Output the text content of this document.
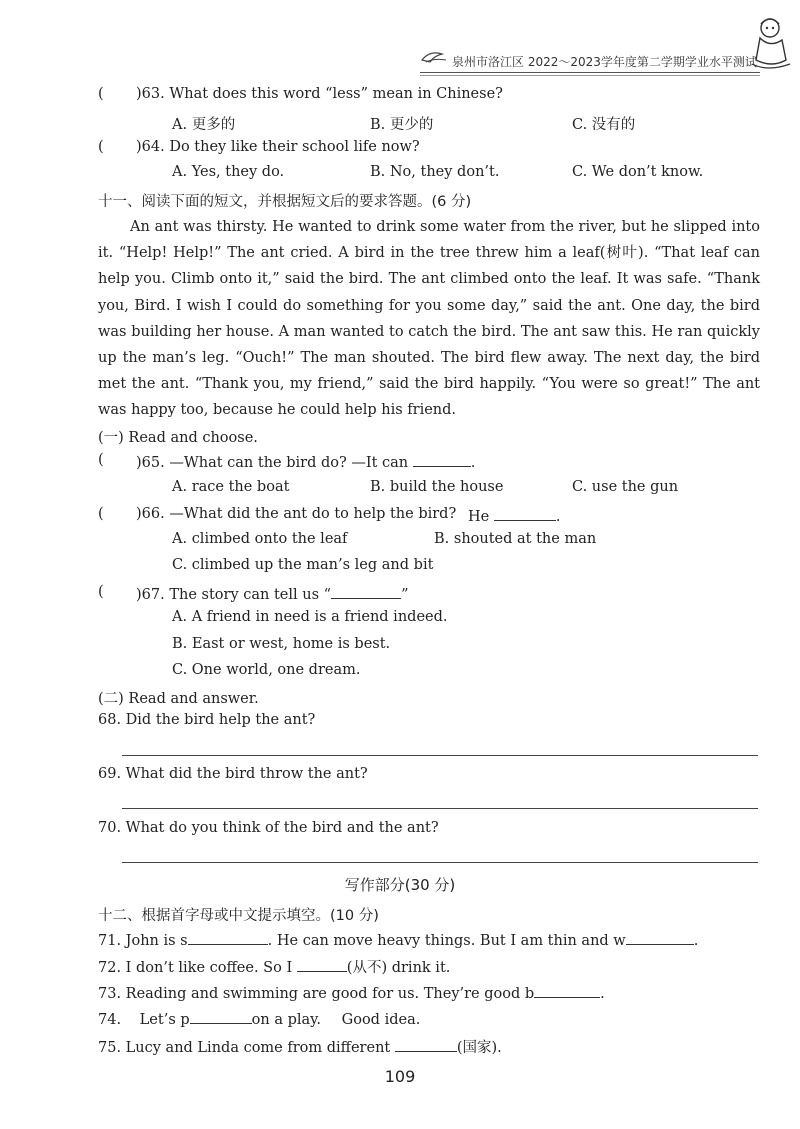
泉州市洛江区 2022～2023学年度第二学期学业水平测试
( )63. What does this word “less” mean in Chinese?
A. 更多的	B. 更少的	C. 没有的
( )64. Do they like their school life now?
A. Yes, they do.	B. No, they don’t.	C. We don’t know.
十一、阅读下面的短文，并根据短文后的要求答题。(6 分)

An ant was thirsty. He wanted to drink some water from the river, but he slipped into it. “Help! Help!” The ant cried. A bird in the tree threw him a leaf(树叶). “That leaf can help you. Climb onto it,” said the bird. The ant climbed onto the leaf. It was safe. “Thank you, Bird. I wish I could do something for you some day,” said the ant. One day, the bird was building her house. A man wanted to catch the bird. The ant saw this. He ran quickly up the man’s leg. “Ouch!” The man shouted. The bird flew away. The next day, the bird met the ant. “Thank you, my friend,” said the bird happily. “You were so great!” The ant was happy too, because he could help his friend.

(一) Read and choose.
( )65. —What can the bird do? —It can	.
A. race the boat	B. build the house	C. use the gun
( )66. —What did the ant do to help the bird? He	.
A. climbed onto the leaf	B. shouted at the man
C. climbed up the man’s leg and bit
( )67. The story can tell us “	”
A. A friend in need is a friend indeed.
B. East or west, home is best.
C. One world, one dream.
(二) Read and answer.
68. Did the bird help the ant?
69. What did the bird throw the ant?
70. What do you think of the bird and the ant?
写作部分(30 分)
十二、根据首字母或中文提示填空。(10 分)
71. John is s	. He can move heavy things. But I am thin and w	.
72. I don’t like coffee. So I	(从不) drink it.
73. Reading and swimming are good for us. They’re good b	.
74. Let’s p	on a play. Good idea.
75. Lucy and Linda come from different	(国家).
109
